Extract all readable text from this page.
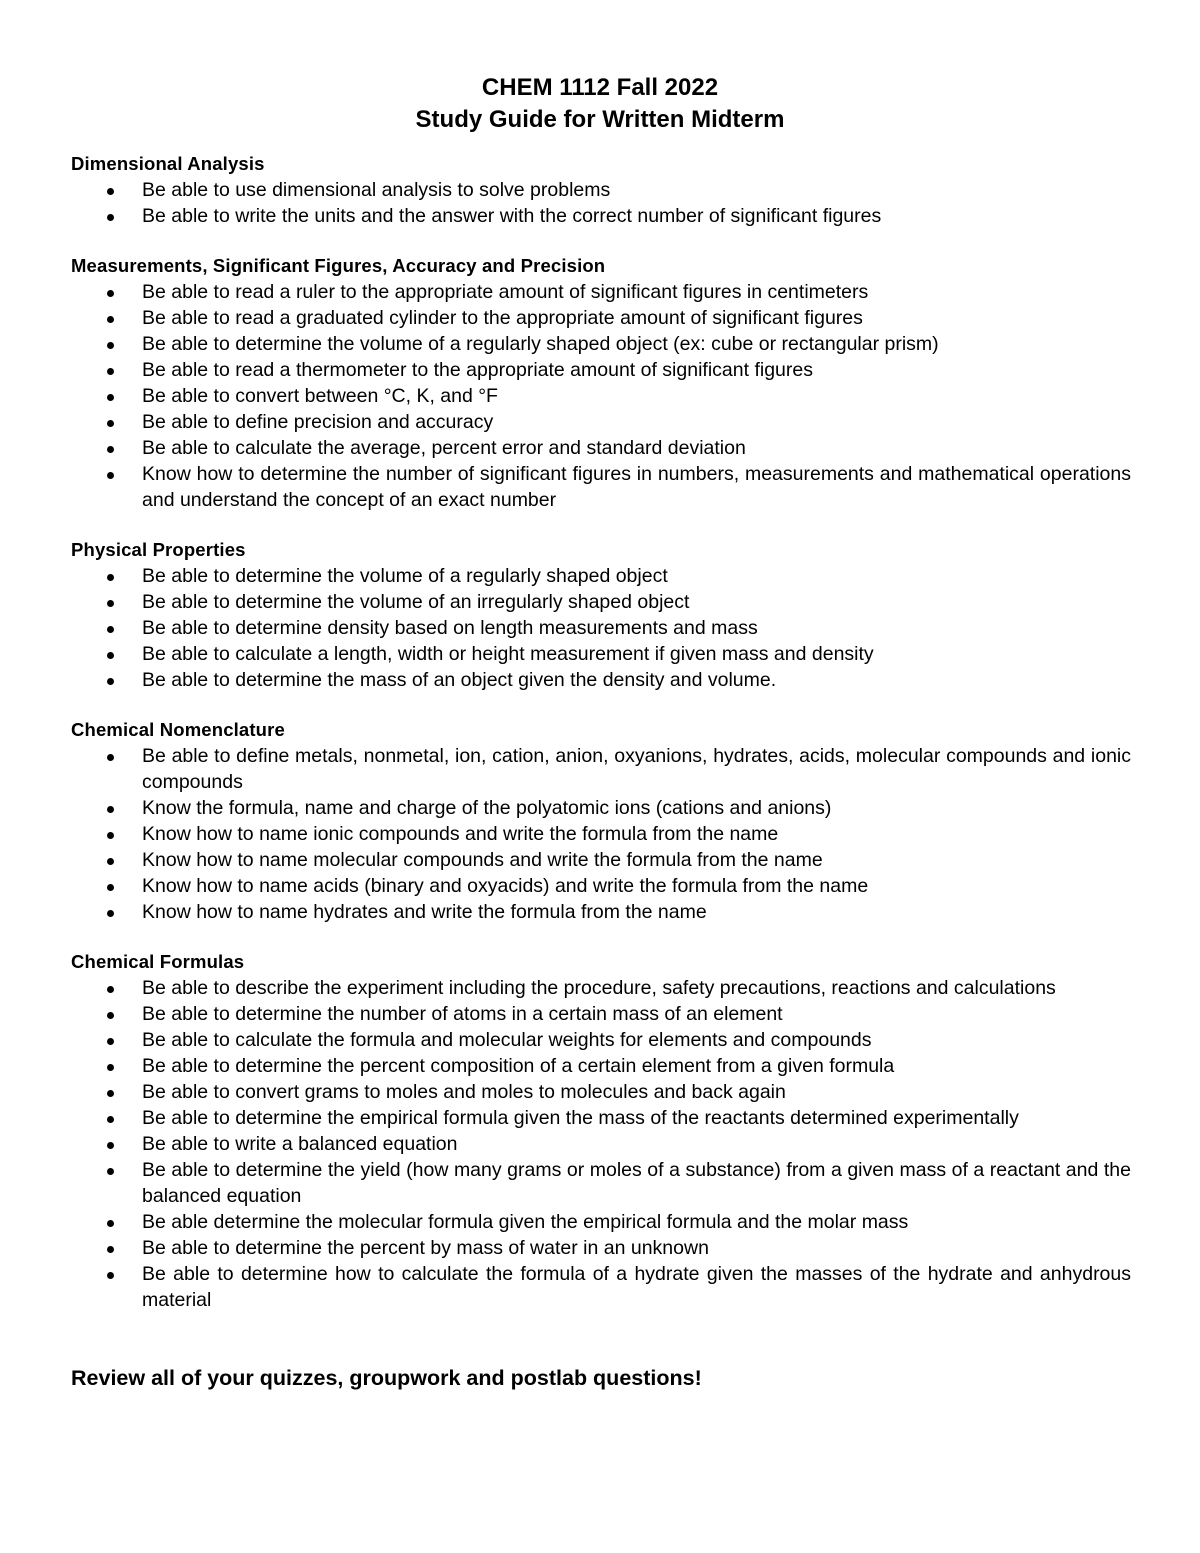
CHEM 1112 Fall 2022
Study Guide for Written Midterm
Dimensional Analysis
Be able to use dimensional analysis to solve problems
Be able to write the units and the answer with the correct number of significant figures
Measurements, Significant Figures, Accuracy and Precision
Be able to read a ruler to the appropriate amount of significant figures in centimeters
Be able to read a graduated cylinder to the appropriate amount of significant figures
Be able to determine the volume of a regularly shaped object (ex: cube or rectangular prism)
Be able to read a thermometer to the appropriate amount of significant figures
Be able to convert between °C, K, and °F
Be able to define precision and accuracy
Be able to calculate the average, percent error and standard deviation
Know how to determine the number of significant figures in numbers, measurements and mathematical operations and understand the concept of an exact number
Physical Properties
Be able to determine the volume of a regularly shaped object
Be able to determine the volume of an irregularly shaped object
Be able to determine density based on length measurements and mass
Be able to calculate a length, width or height measurement if given mass and density
Be able to determine the mass of an object given the density and volume.
Chemical Nomenclature
Be able to define metals, nonmetal, ion, cation, anion, oxyanions, hydrates, acids, molecular compounds and ionic compounds
Know the formula, name and charge of the polyatomic ions (cations and anions)
Know how to name ionic compounds and write the formula from the name
Know how to name molecular compounds and write the formula from the name
Know how to name acids (binary and oxyacids) and write the formula from the name
Know how to name hydrates and write the formula from the name
Chemical Formulas
Be able to describe the experiment including the procedure, safety precautions, reactions and calculations
Be able to determine the number of atoms in a certain mass of an element
Be able to calculate the formula and molecular weights for elements and compounds
Be able to determine the percent composition of a certain element from a given formula
Be able to convert grams to moles and moles to molecules and back again
Be able to determine the empirical formula given the mass of the reactants determined experimentally
Be able to write a balanced equation
Be able to determine the yield (how many grams or moles of a substance) from a given mass of a reactant and the balanced equation
Be able determine the molecular formula given the empirical formula and the molar mass
Be able to determine the percent by mass of water in an unknown
Be able to determine how to calculate the formula of a hydrate given the masses of the hydrate and anhydrous material
Review all of your quizzes, groupwork and postlab questions!
